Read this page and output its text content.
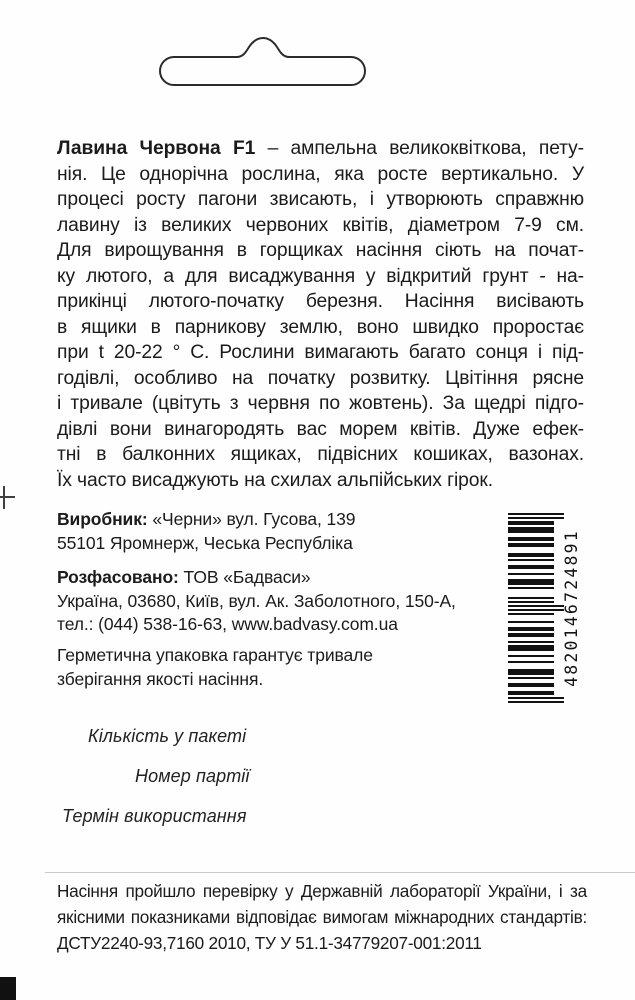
Лавина Червона F1 – ампельна великоквіткова, пету-
нія. Це однорічна рослина, яка росте вертикально. У
процесі росту пагони звисають, і утворюють справжню
лавину із великих червоних квітів, діаметром 7-9 см.
Для вирощування в горщиках насіння сіють на почат-
ку лютого, а для висаджування у відкритий грунт - на-
прикінці лютого-початку березня. Насіння висівають
в ящики в парникову землю, воно швидко проростає
при t 20-22 ° С. Рослини вимагають багато сонця і під-
годівлі, особливо на початку розвитку. Цвітіння рясне
і тривале (цвітуть з червня по жовтень). За щедрі підго-
дівлі вони винагородять вас морем квітів. Дуже ефек-
тні в балконних ящиках, підвісних кошиках, вазонах.
Їх часто висаджують на схилах альпійських гірок.
Виробник: «Черни» вул. Гусова, 139
55101 Яромнерж, Чеська Республіка
Розфасовано: ТОВ «Бадваси»
Україна, 03680, Київ, вул. Ак. Заболотного, 150-А,
тел.: (044) 538-16-63, www.badvasy.com.ua
Герметична упаковка гарантує тривале
зберігання якості насіння.
Кількість у пакеті
Номер партії
Термін використання
Насіння пройшло перевірку у Державній лабораторії України, і за
якісними показниками відповідає вимогам міжнародних стандартів:
ДСТУ2240-93,7160 2010, ТУ У 51.1-34779207-001:2011
4820146724891
